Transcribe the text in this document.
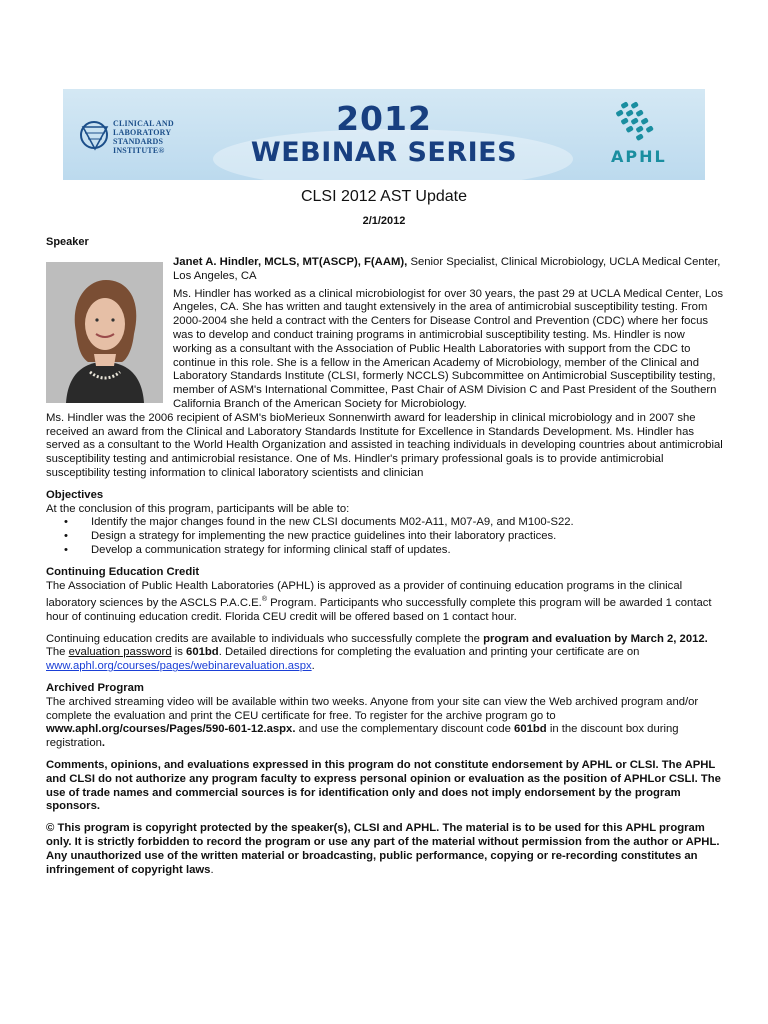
CLINICAL AND
LABORATORY
STANDARDS
INSTITUTE®
2012
WEBINAR SERIES	APHL
CLSI 2012 AST Update
2/1/2012
Speaker

Janet A. Hindler, MCLS, MT(ASCP), F(AAM), Senior Specialist, Clinical Microbiology, UCLA Medical Center, Los Angeles, CA

Ms. Hindler has worked as a clinical microbiologist for over 30 years, the past 29 at UCLA Medical Center, Los Angeles, CA. She has written and taught extensively in the area of antimicrobial susceptibility testing. From 2000-2004 she held a contract with the Centers for Disease Control and Prevention (CDC) where her focus was to develop and conduct training programs in antimicrobial susceptibility testing. Ms. Hindler is now working as a consultant with the Association of Public Health Laboratories with support from the CDC to continue in this role. She is a fellow in the American Academy of Microbiology, member of the Clinical and Laboratory Standards Institute (CLSI, formerly NCCLS) Subcommittee on Antimicrobial Susceptibility testing, member of ASM's International Committee, Past Chair of ASM Division C and Past President of the Southern California Branch of the American Society for Microbiology.

Ms. Hindler was the 2006 recipient of ASM's bioMerieux Sonnenwirth award for leadership in clinical microbiology and in 2007 she received an award from the Clinical and Laboratory Standards Institute for Excellence in Standards Development. Ms. Hindler has served as a consultant to the World Health Organization and assisted in teaching individuals in developing countries about antimicrobial susceptibility testing and antimicrobial resistance. One of Ms. Hindler's primary professional goals is to provide antimicrobial susceptibility testing information to clinical laboratory scientists and clinician

Objectives

At the conclusion of this program, participants will be able to:

• Identify the major changes found in the new CLSI documents M02-A11, M07-A9, and M100-S22.
• Design a strategy for implementing the new practice guidelines into their laboratory practices.
• Develop a communication strategy for informing clinical staff of updates.
Continuing Education Credit

The Association of Public Health Laboratories (APHL) is approved as a provider of continuing education programs in the clinical laboratory sciences by the ASCLS P.A.C.E.® Program. Participants who successfully complete this program will be awarded 1 contact hour of continuing education credit. Florida CEU credit will be offered based on 1 contact hour.

Continuing education credits are available to individuals who successfully complete the program and evaluation by March 2, 2012. The evaluation password is 601bd. Detailed directions for completing the evaluation and printing your certificate are on www.aphl.org/courses/pages/webinarevaluation.aspx.

Archived Program

The archived streaming video will be available within two weeks. Anyone from your site can view the Web archived program and/or complete the evaluation and print the CEU certificate for free. To register for the archive program go to www.aphl.org/courses/Pages/590-601-12.aspx. and use the complementary discount code 601bd in the discount box during registration.

Comments, opinions, and evaluations expressed in this program do not constitute endorsement by APHL or CLSI. The APHL and CLSI do not authorize any program faculty to express personal opinion or evaluation as the position of APHLor CSLI. The use of trade names and commercial sources is for identification only and does not imply endorsement by the program sponsors.

© This program is copyright protected by the speaker(s), CLSI and APHL. The material is to be used for this APHL program only. It is strictly forbidden to record the program or use any part of the material without permission from the author or APHL. Any unauthorized use of the written material or broadcasting, public performance, copying or re-recording constitutes an infringement of copyright laws.
